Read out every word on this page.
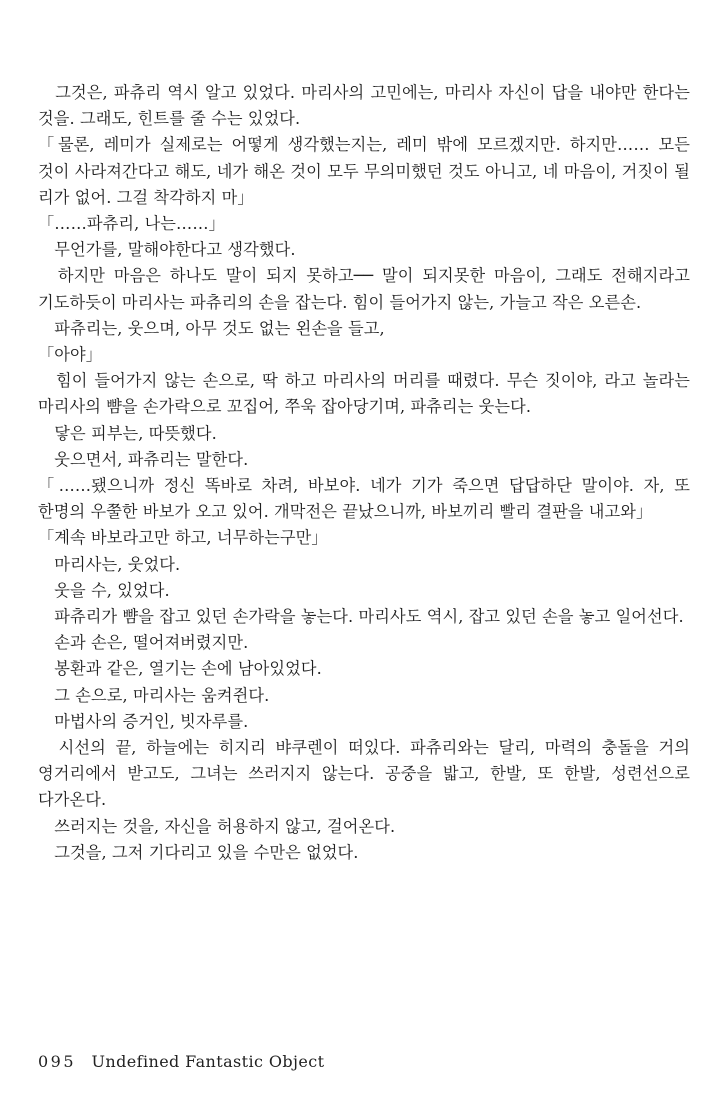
　그것은, 파츄리 역시 알고 있었다. 마리사의 고민에는, 마리사 자신이 답을 내야만 한다는 것을. 그래도, 힌트를 줄 수는 있었다.

「물론, 레미가 실제로는 어떻게 생각했는지는, 레미 밖에 모르겠지만. 하지만…… 모든 것이 사라져간다고 해도, 네가 해온 것이 모두 무의미했던 것도 아니고, 네 마음이, 거짓이 될 리가 없어. 그걸 착각하지 마」

「……파츄리, 나는……」

　무언가를, 말해야한다고 생각했다.

　하지만 마음은 하나도 말이 되지 못하고── 말이 되지못한 마음이, 그래도 전해지라고 기도하듯이 마리사는 파츄리의 손을 잡는다. 힘이 들어가지 않는, 가늘고 작은 오른손.

　파츄리는, 웃으며, 아무 것도 없는 왼손을 들고,

「아야」

　힘이 들어가지 않는 손으로, 딱 하고 마리사의 머리를 때렸다. 무슨 짓이야, 라고 놀라는 마리사의 뺨을 손가락으로 꼬집어, 쭈욱 잡아당기며, 파츄리는 웃는다.

　닿은 피부는, 따뜻했다.

　웃으면서, 파츄리는 말한다.

「……됐으니까 정신 똑바로 차려, 바보야. 네가 기가 죽으면 답답하단 말이야. 자, 또 한명의 우쭐한 바보가 오고 있어. 개막전은 끝났으니까, 바보끼리 빨리 결판을 내고와」

「계속 바보라고만 하고, 너무하는구만」

　마리사는, 웃었다.

　웃을 수, 있었다.

　파츄리가 뺨을 잡고 있던 손가락을 놓는다. 마리사도 역시, 잡고 있던 손을 놓고 일어선다.

　손과 손은, 떨어져버렸지만.

　봉환과 같은, 열기는 손에 남아있었다.

　그 손으로, 마리사는 움켜쥔다.

　마법사의 증거인, 빗자루를.

　시선의 끝, 하늘에는 히지리 뱌쿠렌이 떠있다. 파츄리와는 달리, 마력의 충돌을 거의 영거리에서 받고도, 그녀는 쓰러지지 않는다. 공중을 밟고, 한발, 또 한발, 성련선으로 다가온다.

　쓰러지는 것을, 자신을 허용하지 않고, 걸어온다.

　그것을, 그저 기다리고 있을 수만은 없었다.

095 Undefined Fantastic Object
